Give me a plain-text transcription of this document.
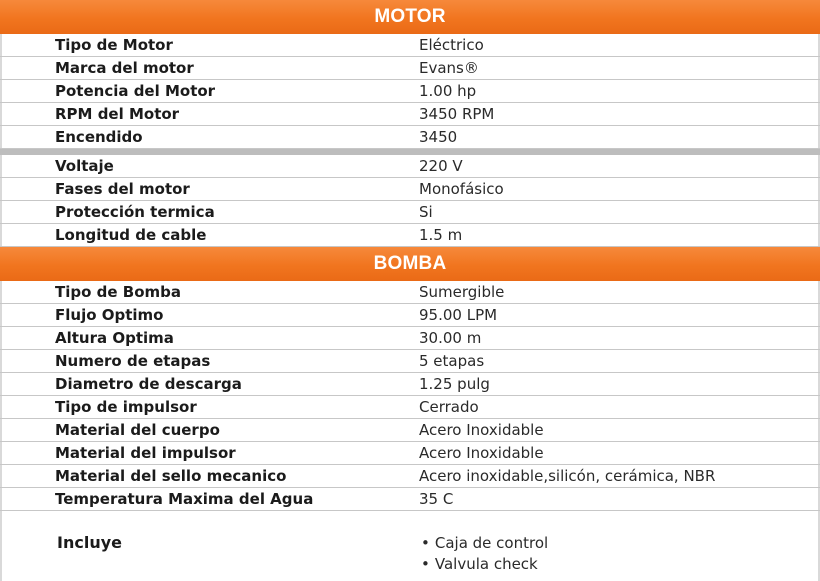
MOTOR
Tipo de Motor	Eléctrico
Marca del motor	Evans®
Potencia del Motor	1.00 hp
RPM del Motor	3450 RPM
Encendido	3450
Voltaje	220 V
Fases del motor	Monofásico
Protección termica	Si
Longitud de cable	1.5 m
BOMBA
Tipo de Bomba	Sumergible
Flujo Optimo	95.00 LPM
Altura Optima	30.00 m
Numero de etapas	5 etapas
Diametro de descarga	1.25 pulg
Tipo de impulsor	Cerrado
Material del cuerpo	Acero Inoxidable
Material del impulsor	Acero Inoxidable
Material del sello mecanico	Acero inoxidable,silicón, cerámica, NBR
Temperatura Maxima del Agua	35 C
Incluye
•	Caja de control
• Valvula check
